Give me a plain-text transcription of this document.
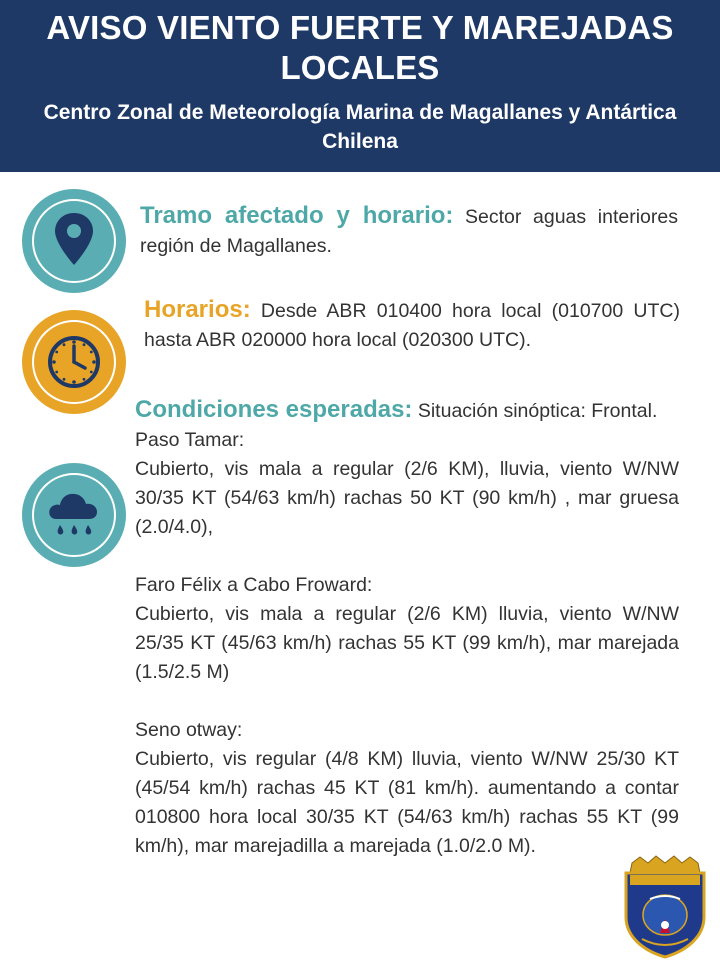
AVISO VIENTO FUERTE Y MAREJADAS LOCALES
Centro Zonal de Meteorología Marina de Magallanes y Antártica Chilena

Tramo afectado y horario: Sector aguas interiores región de Magallanes.

Horarios: Desde ABR 010400 hora local (010700 UTC) hasta ABR 020000 hora local (020300 UTC).

Condiciones esperadas: Situación sinóptica: Frontal.

Paso Tamar:

Cubierto, vis mala a regular (2/6 KM), lluvia, viento W/NW 30/35 KT (54/63 km/h) rachas 50 KT (90 km/h) , mar gruesa (2.0/4.0),

Faro Félix a Cabo Froward:

Cubierto, vis mala a regular (2/6 KM) lluvia, viento W/NW 25/35 KT (45/63 km/h) rachas 55 KT (99 km/h), mar marejada (1.5/2.5 M)

Seno otway:

Cubierto, vis regular (4/8 KM) lluvia, viento W/NW 25/30 KT (45/54 km/h) rachas 45 KT (81 km/h). aumentando a contar 010800 hora local 30/35 KT (54/63 km/h) rachas 55 KT (99 km/h), mar marejadilla a marejada (1.0/2.0 M).
